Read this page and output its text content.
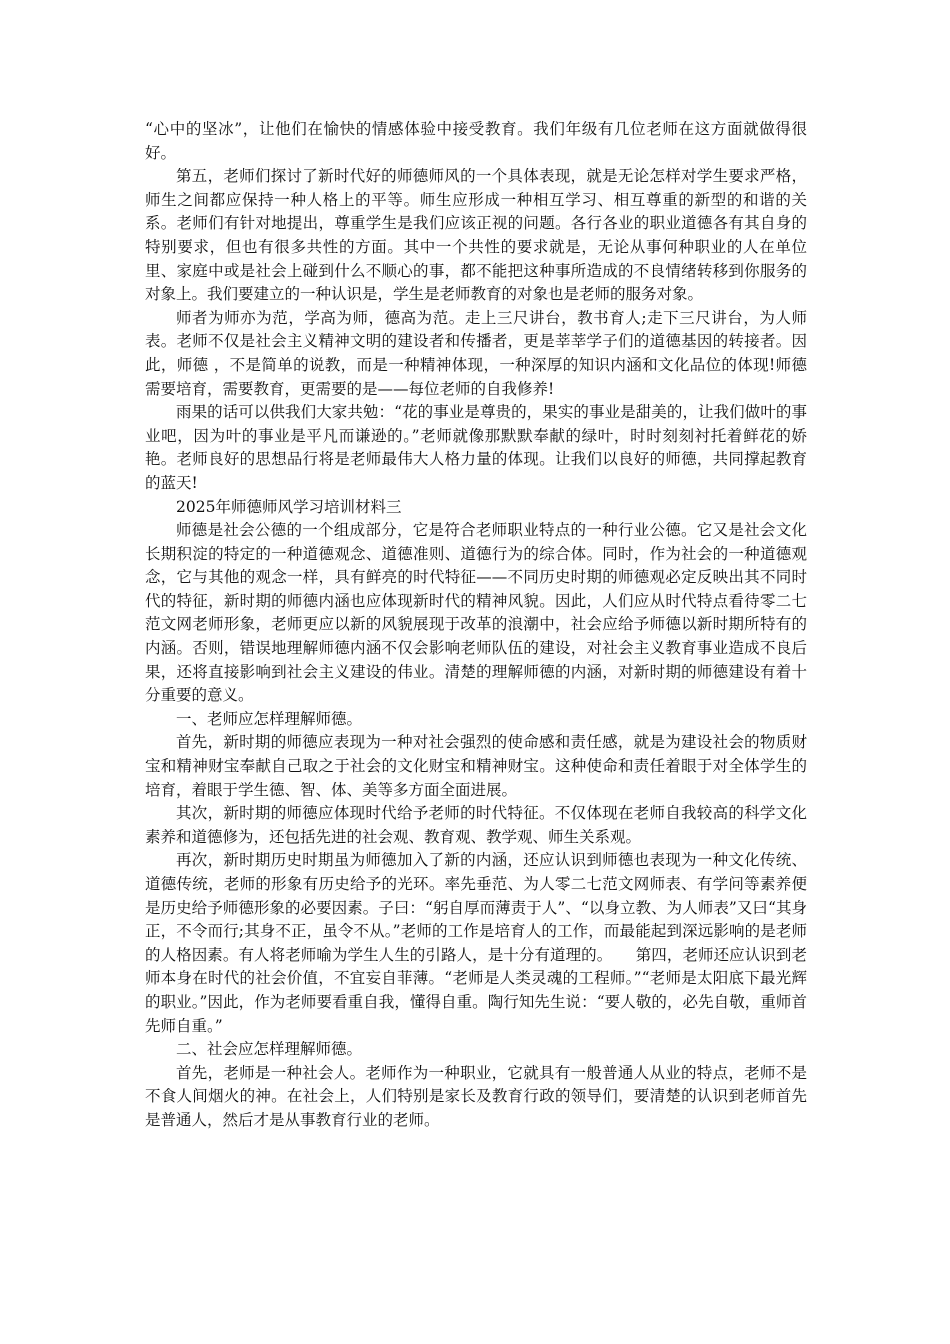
“心中的坚冰”，让他们在愉快的情感体验中接受教育。我们年级有几位老师在这方面就做得很好。

第五，老师们探讨了新时代好的师德师风的一个具体表现，就是无论怎样对学生要求严格，师生之间都应保持一种人格上的平等。师生应形成一种相互学习、相互尊重的新型的和谐的关系。老师们有针对地提出，尊重学生是我们应该正视的问题。各行各业的职业道德各有其自身的特别要求，但也有很多共性的方面。其中一个共性的要求就是，无论从事何种职业的人在单位里、家庭中或是社会上碰到什么不顺心的事，都不能把这种事所造成的不良情绪转移到你服务的对象上。我们要建立的一种认识是，学生是老师教育的对象也是老师的服务对象。

师者为师亦为范，学高为师，德高为范。走上三尺讲台，教书育人;走下三尺讲台，为人师表。老师不仅是社会主义精神文明的建设者和传播者，更是莘莘学子们的道德基因的转接者。因此，师德 ，不是简单的说教，而是一种精神体现，一种深厚的知识内涵和文化品位的体现!师德需要培育，需要教育，更需要的是——每位老师的自我修养!

雨果的话可以供我们大家共勉：“花的事业是尊贵的，果实的事业是甜美的，让我们做叶的事业吧，因为叶的事业是平凡而谦逊的。”老师就像那默默奉献的绿叶，时时刻刻衬托着鲜花的娇艳。老师良好的思想品行将是老师最伟大人格力量的体现。让我们以良好的师德，共同撑起教育的蓝天!

2025年师德师风学习培训材料三

师德是社会公德的一个组成部分，它是符合老师职业特点的一种行业公德。它又是社会文化长期积淀的特定的一种道德观念、道德准则、道德行为的综合体。同时，作为社会的一种道德观念，它与其他的观念一样，具有鲜亮的时代特征——不同历史时期的师德观必定反映出其不同时代的特征，新时期的师德内涵也应体现新时代的精神风貌。因此，人们应从时代特点看待零二七范文网老师形象，老师更应以新的风貌展现于改革的浪潮中，社会应给予师德以新时期所特有的内涵。否则，错误地理解师德内涵不仅会影响老师队伍的建设，对社会主义教育事业造成不良后果，还将直接影响到社会主义建设的伟业。清楚的理解师德的内涵，对新时期的师德建设有着十分重要的意义。

一、老师应怎样理解师德。

首先，新时期的师德应表现为一种对社会强烈的使命感和责任感，就是为建设社会的物质财宝和精神财宝奉献自己取之于社会的文化财宝和精神财宝。这种使命和责任着眼于对全体学生的培育，着眼于学生德、智、体、美等多方面全面进展。

其次，新时期的师德应体现时代给予老师的时代特征。不仅体现在老师自我较高的科学文化素养和道德修为，还包括先进的社会观、教育观、教学观、师生关系观。

再次，新时期历史时期虽为师德加入了新的内涵，还应认识到师德也表现为一种文化传统、道德传统，老师的形象有历史给予的光环。率先垂范、为人零二七范文网师表、有学问等素养便是历史给予师德形象的必要因素。子曰：“躬自厚而薄责于人”、“以身立教、为人师表”又曰“其身正，不令而行;其身不正，虽令不从。”老师的工作是培育人的工作，而最能起到深远影响的是老师的人格因素。有人将老师喻为学生人生的引路人，是十分有道理的。　　第四，老师还应认识到老师本身在时代的社会价值，不宜妄自菲薄。“老师是人类灵魂的工程师。”“老师是太阳底下最光辉的职业。”因此，作为老师要看重自我，懂得自重。陶行知先生说：“要人敬的，必先自敬，重师首先师自重。”

二、社会应怎样理解师德。

首先，老师是一种社会人。老师作为一种职业，它就具有一般普通人从业的特点，老师不是不食人间烟火的神。在社会上，人们特别是家长及教育行政的领导们，要清楚的认识到老师首先是普通人，然后才是从事教育行业的老师。
